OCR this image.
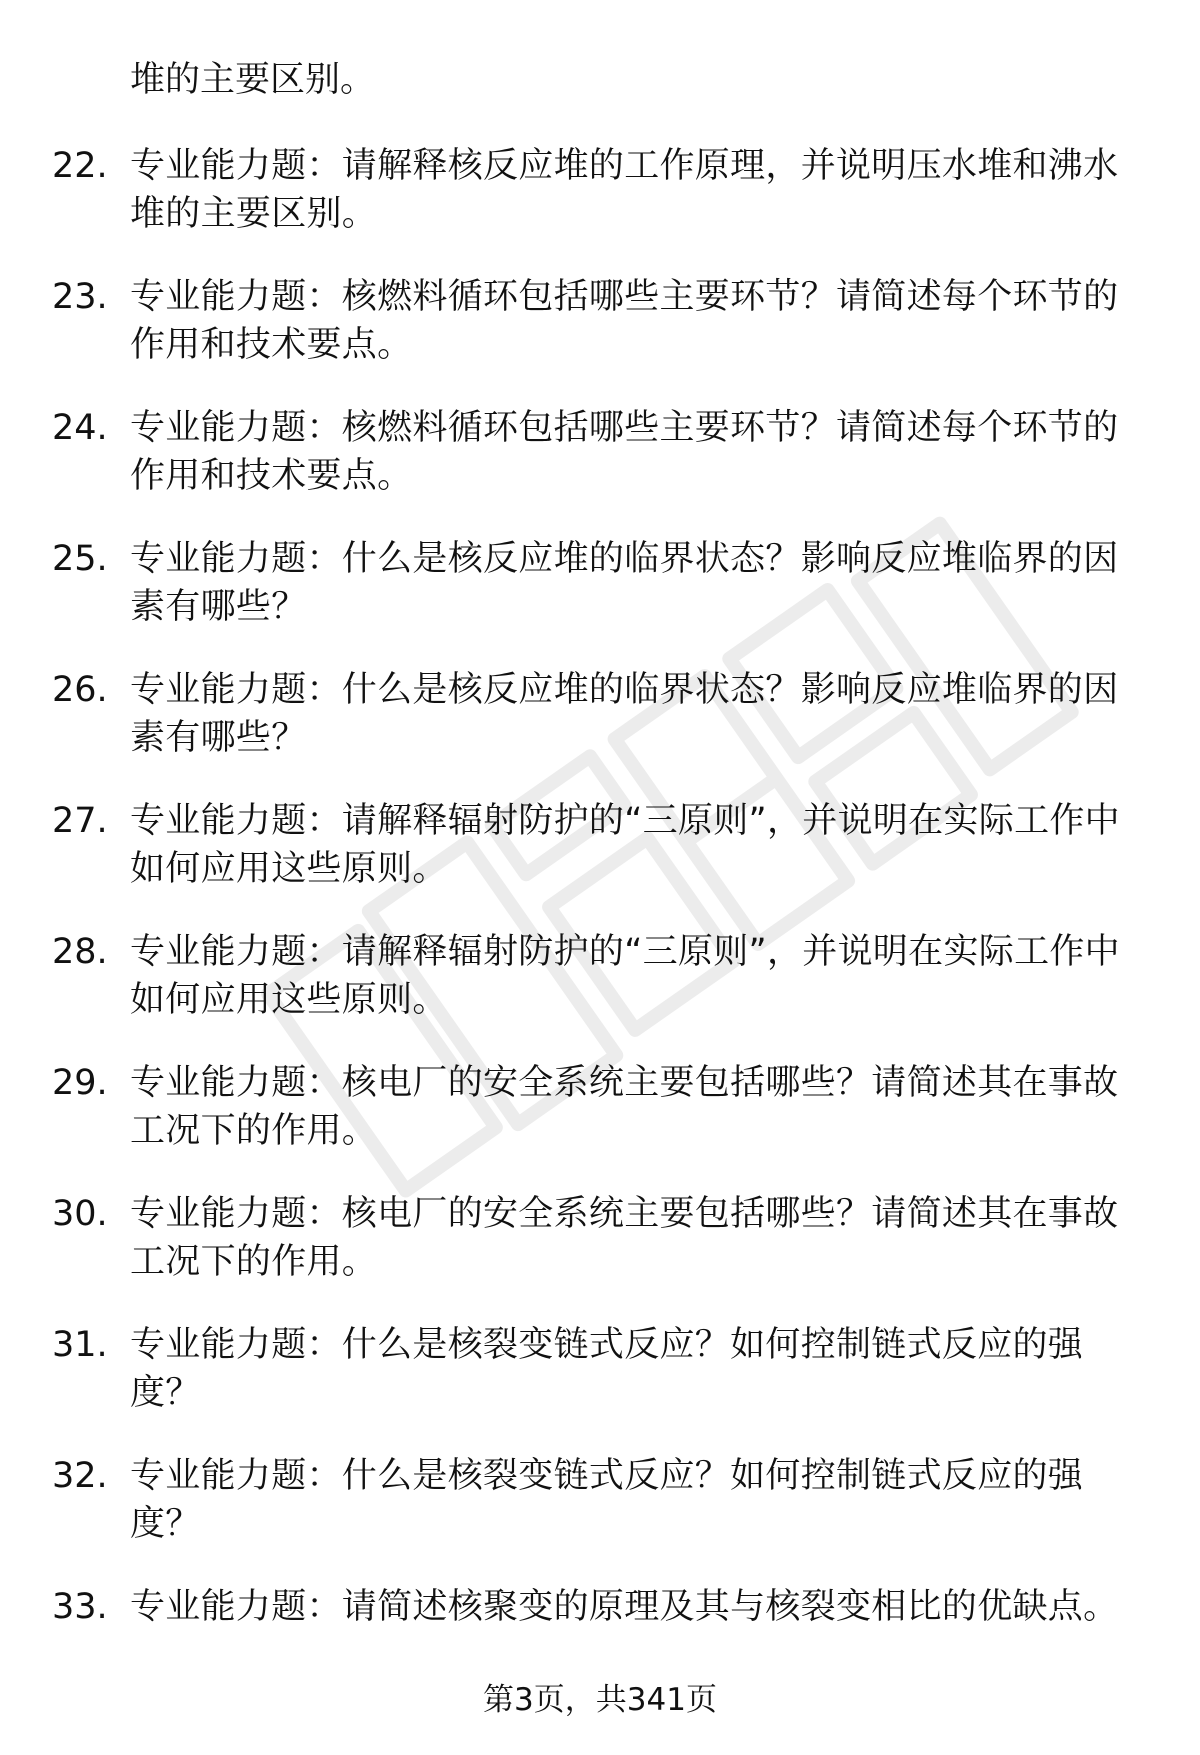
堆的主要区别。
22. 专业能力题：请解释核反应堆的工作原理，并说明压水堆和沸水堆的主要区别。
23. 专业能力题：核燃料循环包括哪些主要环节？请简述每个环节的作用和技术要点。
24. 专业能力题：核燃料循环包括哪些主要环节？请简述每个环节的作用和技术要点。
25. 专业能力题：什么是核反应堆的临界状态？影响反应堆临界的因素有哪些？
26. 专业能力题：什么是核反应堆的临界状态？影响反应堆临界的因素有哪些？
27. 专业能力题：请解释辐射防护的“三原则”，并说明在实际工作中如何应用这些原则。
28. 专业能力题：请解释辐射防护的“三原则”，并说明在实际工作中如何应用这些原则。
29. 专业能力题：核电厂的安全系统主要包括哪些？请简述其在事故工况下的作用。
30. 专业能力题：核电厂的安全系统主要包括哪些？请简述其在事故工况下的作用。
31. 专业能力题：什么是核裂变链式反应？如何控制链式反应的强度？
32. 专业能力题：什么是核裂变链式反应？如何控制链式反应的强度？
33. 专业能力题：请简述核聚变的原理及其与核裂变相比的优缺点。
第3页，共341页
